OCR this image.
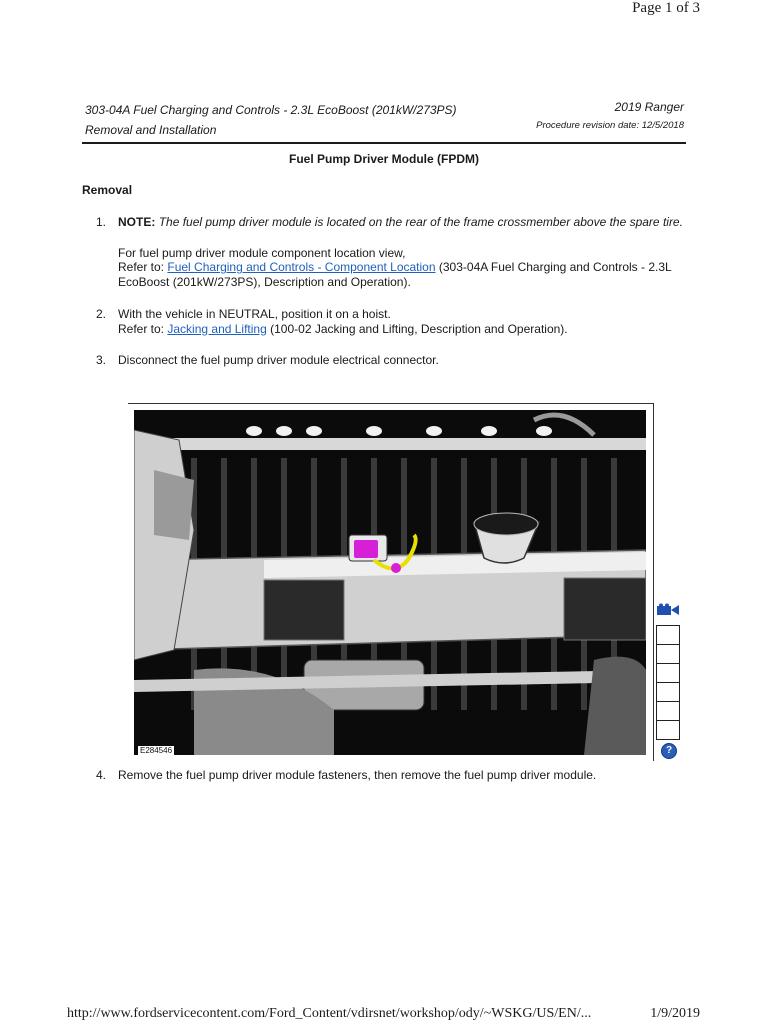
Page 1 of 3
303-04A Fuel Charging and Controls - 2.3L EcoBoost (201kW/273PS)
Removal and Installation
2019 Ranger
Procedure revision date: 12/5/2018
Fuel Pump Driver Module (FPDM)
Removal
1. NOTE: The fuel pump driver module is located on the rear of the frame crossmember above the spare tire.
For fuel pump driver module component location view,
Refer to: Fuel Charging and Controls - Component Location (303-04A Fuel Charging and Controls - 2.3L EcoBoost (201kW/273PS), Description and Operation).
2. With the vehicle in NEUTRAL, position it on a hoist.
Refer to: Jacking and Lifting (100-02 Jacking and Lifting, Description and Operation).
3. Disconnect the fuel pump driver module electrical connector.
E284546	?
4. Remove the fuel pump driver module fasteners, then remove the fuel pump driver module.
http://www.fordservicecontent.com/Ford_Content/vdirsnet/workshop/ody/~WSKG/US/EN/...	1/9/2019
